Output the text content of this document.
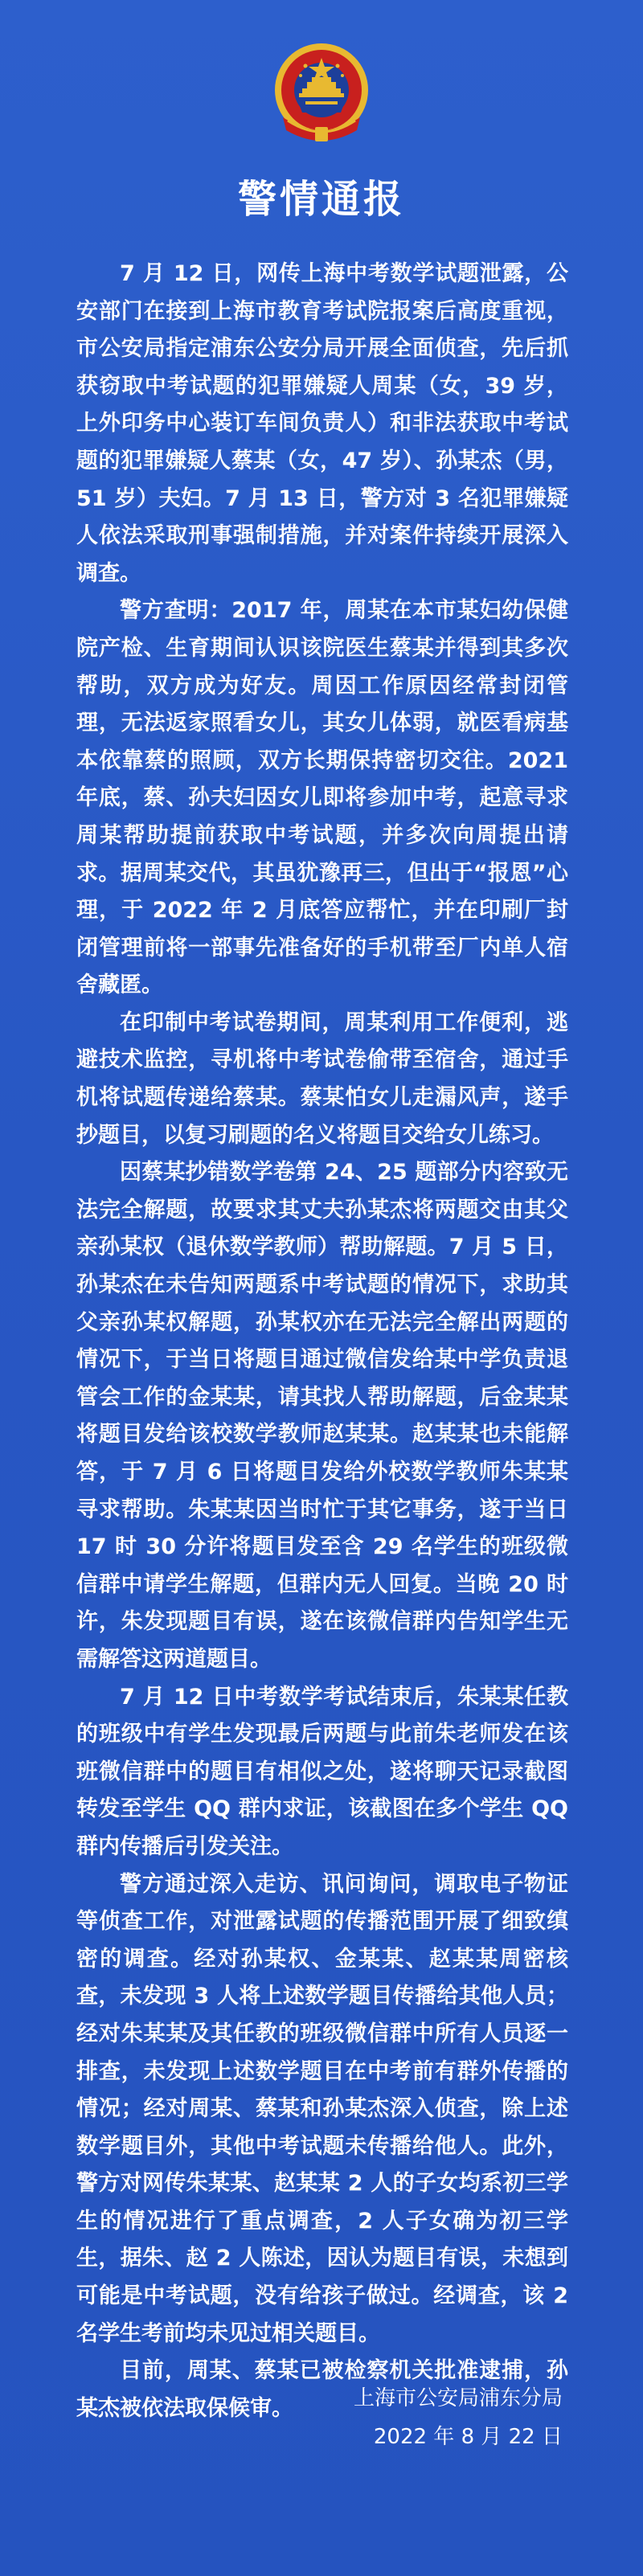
警情通报

7 月 12 日，网传上海中考数学试题泄露，公安部门在接到上海市教育考试院报案后高度重视，市公安局指定浦东公安分局开展全面侦查，先后抓获窃取中考试题的犯罪嫌疑人周某（女，39 岁，上外印务中心装订车间负责人）和非法获取中考试题的犯罪嫌疑人蔡某（女，47 岁）、孙某杰（男，51 岁）夫妇。7 月 13 日，警方对 3 名犯罪嫌疑人依法采取刑事强制措施，并对案件持续开展深入调查。

警方查明：2017 年，周某在本市某妇幼保健院产检、生育期间认识该院医生蔡某并得到其多次帮助，双方成为好友。周因工作原因经常封闭管理，无法返家照看女儿，其女儿体弱，就医看病基本依靠蔡的照顾，双方长期保持密切交往。2021 年底，蔡、孙夫妇因女儿即将参加中考，起意寻求周某帮助提前获取中考试题，并多次向周提出请求。据周某交代，其虽犹豫再三，但出于“报恩”心理，于 2022 年 2 月底答应帮忙，并在印刷厂封闭管理前将一部事先准备好的手机带至厂内单人宿舍藏匿。

在印制中考试卷期间，周某利用工作便利，逃避技术监控，寻机将中考试卷偷带至宿舍，通过手机将试题传递给蔡某。蔡某怕女儿走漏风声，遂手抄题目，以复习刷题的名义将题目交给女儿练习。

因蔡某抄错数学卷第 24、25 题部分内容致无法完全解题，故要求其丈夫孙某杰将两题交由其父亲孙某权（退休数学教师）帮助解题。7 月 5 日，孙某杰在未告知两题系中考试题的情况下，求助其父亲孙某权解题，孙某权亦在无法完全解出两题的情况下，于当日将题目通过微信发给某中学负责退管会工作的金某某，请其找人帮助解题，后金某某将题目发给该校数学教师赵某某。赵某某也未能解答，于 7 月 6 日将题目发给外校数学教师朱某某寻求帮助。朱某某因当时忙于其它事务，遂于当日 17 时 30 分许将题目发至含 29 名学生的班级微信群中请学生解题，但群内无人回复。当晚 20 时许，朱发现题目有误，遂在该微信群内告知学生无需解答这两道题目。

7 月 12 日中考数学考试结束后，朱某某任教的班级中有学生发现最后两题与此前朱老师发在该班微信群中的题目有相似之处，遂将聊天记录截图转发至学生 QQ 群内求证，该截图在多个学生 QQ 群内传播后引发关注。

警方通过深入走访、讯问询问，调取电子物证等侦查工作，对泄露试题的传播范围开展了细致缜密的调查。经对孙某权、金某某、赵某某周密核查，未发现 3 人将上述数学题目传播给其他人员；经对朱某某及其任教的班级微信群中所有人员逐一排查，未发现上述数学题目在中考前有群外传播的情况；经对周某、蔡某和孙某杰深入侦查，除上述数学题目外，其他中考试题未传播给他人。此外，警方对网传朱某某、赵某某 2 人的子女均系初三学生的情况进行了重点调查，2 人子女确为初三学生，据朱、赵 2 人陈述，因认为题目有误，未想到可能是中考试题，没有给孩子做过。经调查，该 2 名学生考前均未见过相关题目。

目前，周某、蔡某已被检察机关批准逮捕，孙某杰被依法取保候审。	上海市公安局浦东分局
2022 年 8 月 22 日
